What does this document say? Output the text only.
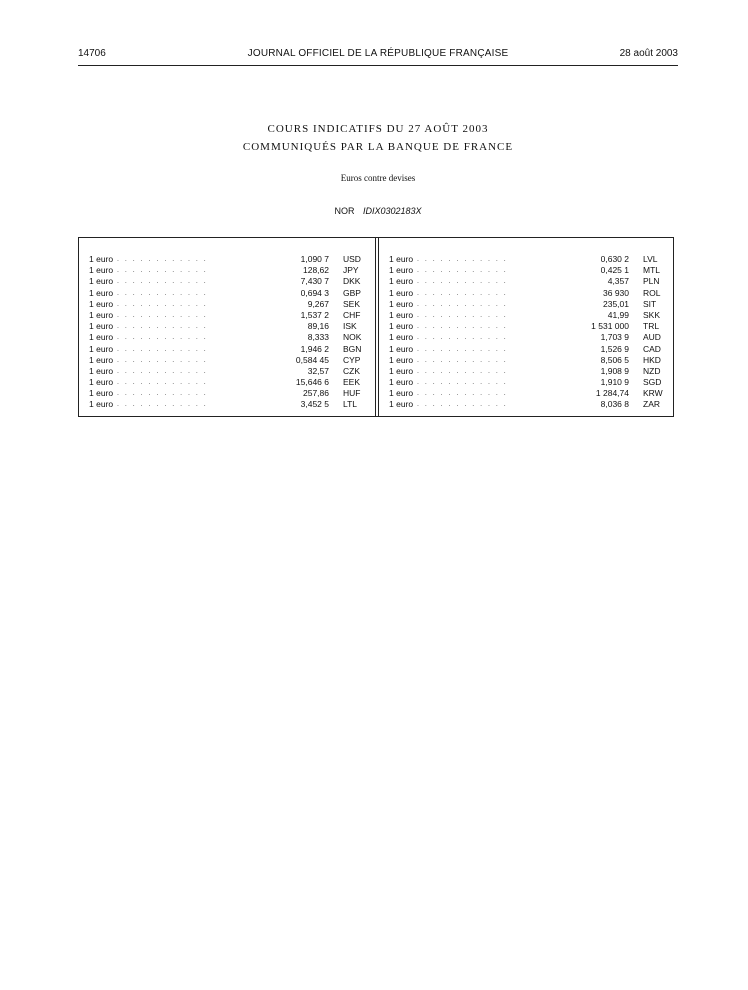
14706	JOURNAL OFFICIEL DE LA RÉPUBLIQUE FRANÇAISE	28 août 2003
COURS INDICATIFS DU 27 AOÛT 2003
COMMUNIQUÉS PAR LA BANQUE DE FRANCE
Euros contre devises
NOR IDIX0302183X
1 euro . . . . . . . . . . . .	1,090 7 USD
1 euro . . . . . . . . . . . .	128,62 JPY
1 euro . . . . . . . . . . . .	7,430 7 DKK
1 euro . . . . . . . . . . . .	0,694 3 GBP
1 euro . . . . . . . . . . . .	9,267 SEK
1 euro . . . . . . . . . . . .	1,537 2 CHF
1 euro . . . . . . . . . . . .	89,16 ISK
1 euro . . . . . . . . . . . .	8,333 NOK
1 euro . . . . . . . . . . . .	1,946 2 BGN
1 euro . . . . . . . . . . . .	0,584 45 CYP
1 euro . . . . . . . . . . . .	32,57 CZK
1 euro . . . . . . . . . . . .	15,646 6 EEK
1 euro . . . . . . . . . . . .	257,86 HUF
1 euro . . . . . . . . . . . .	3,452 5 LTL
1 euro . . . . . . . . . . . .	0,630 2 LVL
1 euro . . . . . . . . . . . .	0,425 1 MTL
1 euro . . . . . . . . . . . .	4,357 PLN
1 euro . . . . . . . . . . . .	36 930 ROL
1 euro . . . . . . . . . . . .	235,01 SIT
1 euro . . . . . . . . . . . .	41,99 SKK
1 euro . . . . . . . . . . . .	1 531 000 TRL
1 euro . . . . . . . . . . . .	1,703 9 AUD
1 euro . . . . . . . . . . . .	1,526 9 CAD
1 euro . . . . . . . . . . . .	8,506 5 HKD
1 euro . . . . . . . . . . . .	1,908 9 NZD
1 euro . . . . . . . . . . . .	1,910 9 SGD
1 euro . . . . . . . . . . . .	1 284,74 KRW
1 euro . . . . . . . . . . . .	8,036 8 ZAR
